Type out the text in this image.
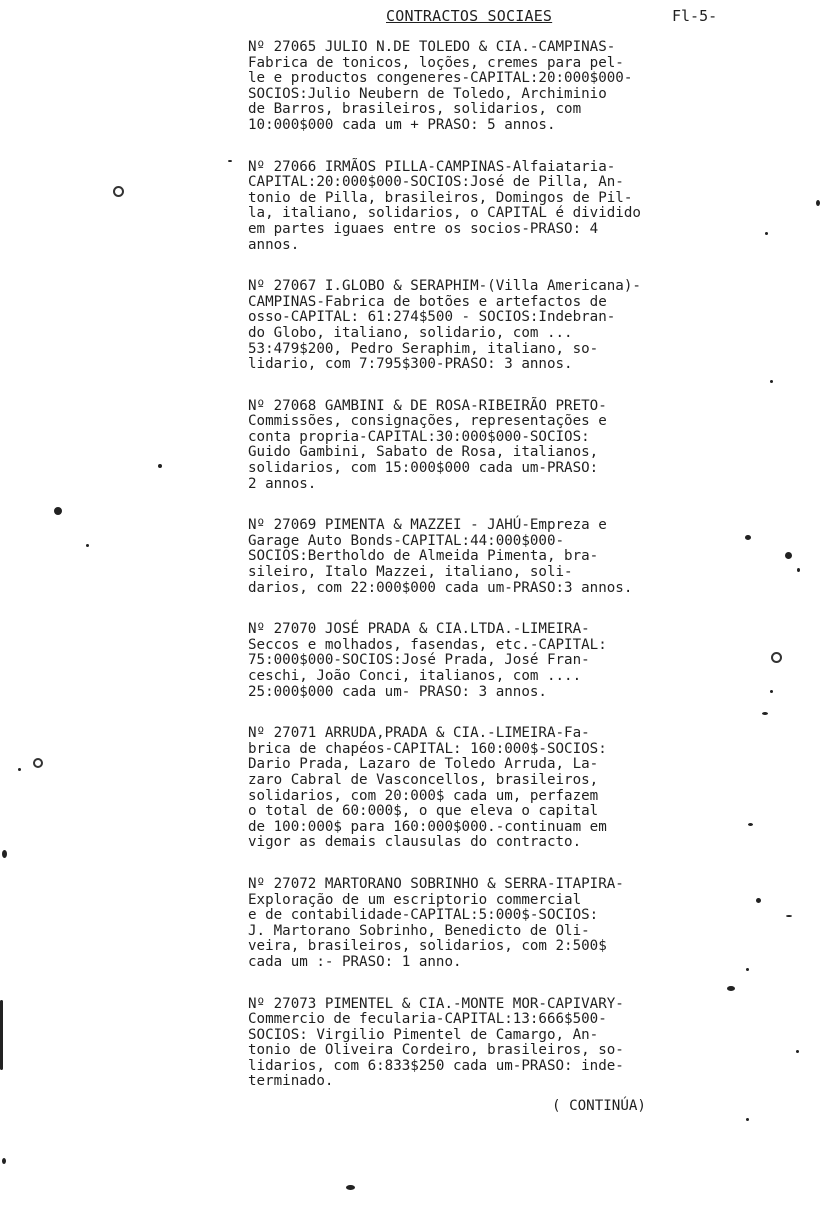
CONTRACTOS SOCIAES	Fl-5-
Nº 27065 JULIO N.DE TOLEDO & CIA.-CAMPINAS-
Fabrica de tonicos, loções, cremes para pel-
le e productos congeneres-CAPITAL:20:000$000-
SOCIOS:Julio Neubern de Toledo, Archiminio
de Barros, brasileiros, solidarios, com
10:000$000 cada um + PRASO: 5 annos.
Nº 27066 IRMÃOS PILLA-CAMPINAS-Alfaiataria-
CAPITAL:20:000$000-SOCIOS:José de Pilla, An-
tonio de Pilla, brasileiros, Domingos de Pil-
la, italiano, solidarios, o CAPITAL é dividido
em partes iguaes entre os socios-PRASO: 4
annos.
Nº 27067 I.GLOBO & SERAPHIM-(Villa Americana)-
CAMPINAS-Fabrica de botões e artefactos de
osso-CAPITAL: 61:274$500 - SOCIOS:Indebran-
do Globo, italiano, solidario, com ...
53:479$200, Pedro Seraphim, italiano, so-
lidario, com 7:795$300-PRASO: 3 annos.
Nº 27068 GAMBINI & DE ROSA-RIBEIRÃO PRETO-
Commissões, consignações, representações e
conta propria-CAPITAL:30:000$000-SOCIOS:
Guido Gambini, Sabato de Rosa, italianos,
solidarios, com 15:000$000 cada um-PRASO:
2 annos.
Nº 27069 PIMENTA & MAZZEI - JAHÚ-Empreza e
Garage Auto Bonds-CAPITAL:44:000$000-
SOCIOS:Bertholdo de Almeida Pimenta, bra-
sileiro, Italo Mazzei, italiano, soli-
darios, com 22:000$000 cada um-PRASO:3 annos.
Nº 27070 JOSÉ PRADA & CIA.LTDA.-LIMEIRA-
Seccos e molhados, fasendas, etc.-CAPITAL:
75:000$000-SOCIOS:José Prada, José Fran-
ceschi, João Conci, italianos, com ....
25:000$000 cada um- PRASO: 3 annos.
Nº 27071 ARRUDA,PRADA & CIA.-LIMEIRA-Fa-
brica de chapéos-CAPITAL: 160:000$-SOCIOS:
Dario Prada, Lazaro de Toledo Arruda, La-
zaro Cabral de Vasconcellos, brasileiros,
solidarios, com 20:000$ cada um, perfazem
o total de 60:000$, o que eleva o capital
de 100:000$ para 160:000$000.-continuam em
vigor as demais clausulas do contracto.
Nº 27072 MARTORANO SOBRINHO & SERRA-ITAPIRA-
Exploração de um escriptorio commercial
e de contabilidade-CAPITAL:5:000$-SOCIOS:
J. Martorano Sobrinho, Benedicto de Oli-
veira, brasileiros, solidarios, com 2:500$
cada um :- PRASO: 1 anno.
Nº 27073 PIMENTEL & CIA.-MONTE MOR-CAPIVARY-
Commercio de fecularia-CAPITAL:13:666$500-
SOCIOS: Virgilio Pimentel de Camargo, An-
tonio de Oliveira Cordeiro, brasileiros, so-
lidarios, com 6:833$250 cada um-PRASO: inde-
terminado.
( CONTINÚA)
